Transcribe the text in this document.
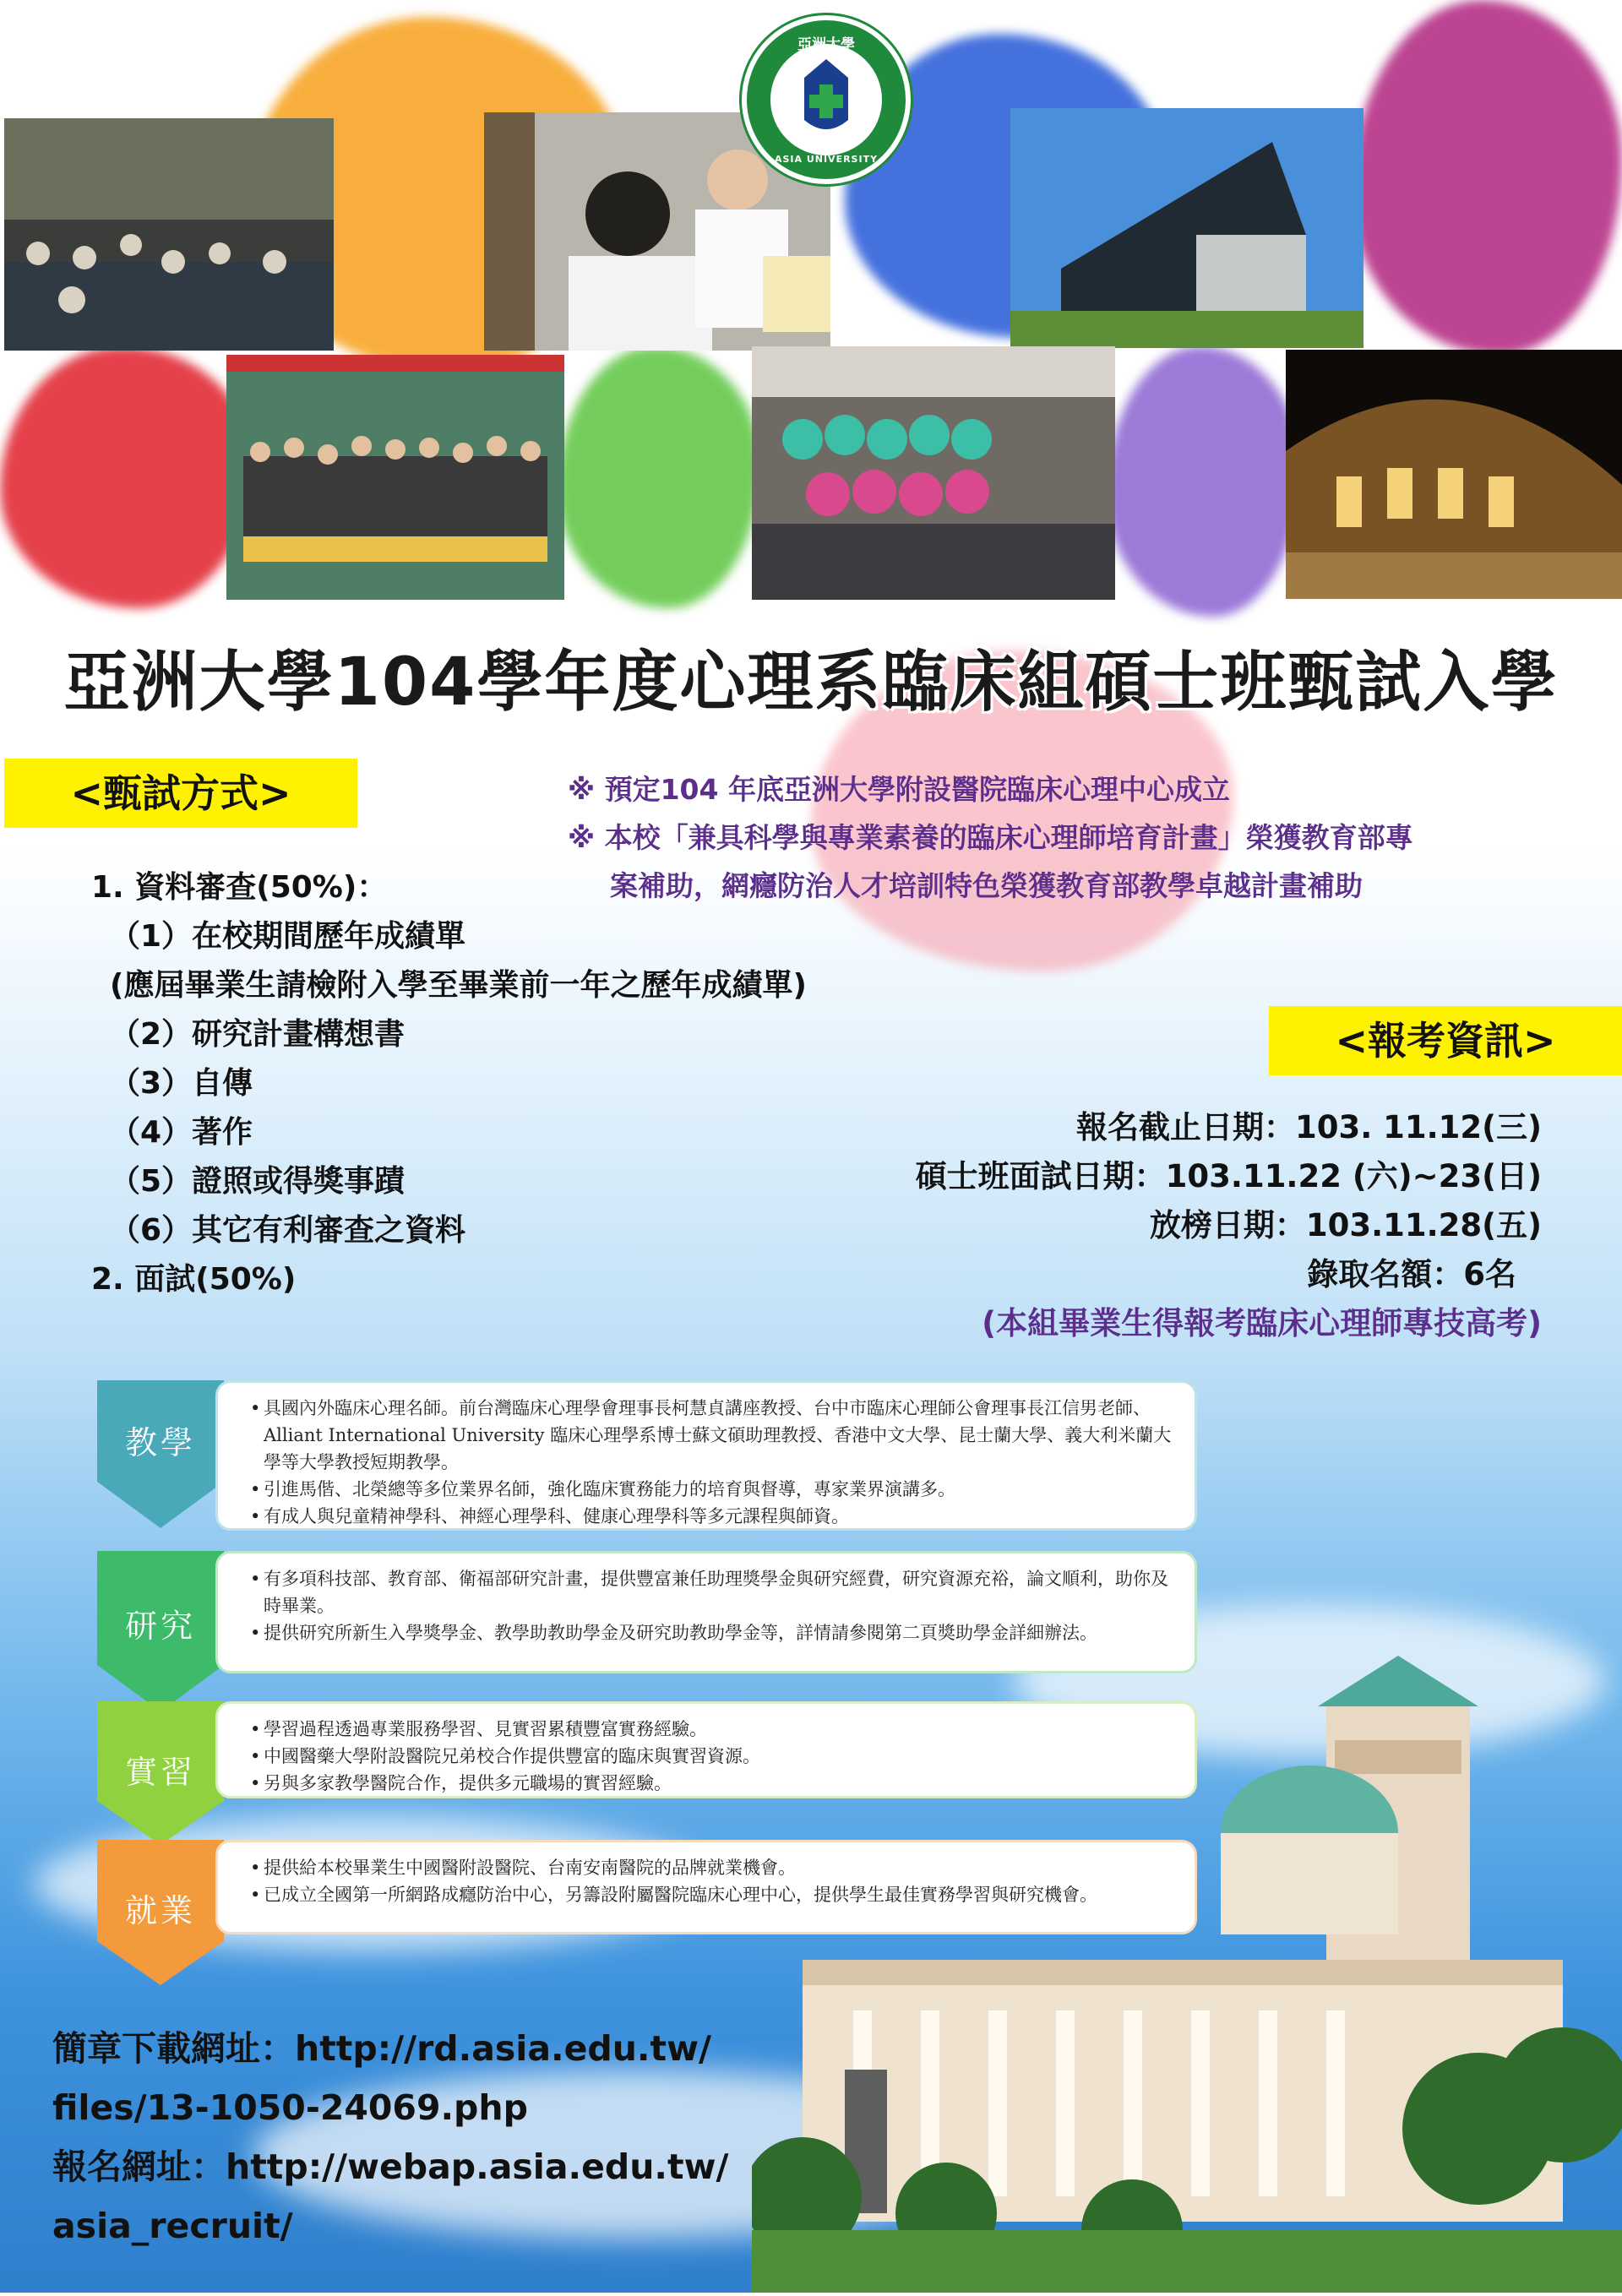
亞洲大學
ASIA UNIVERSITY
亞洲大學104學年度心理系臨床組碩士班甄試入學
<甄試方式>
1. 資料審查(50%)：
（1）在校期間歷年成績單
(應屆畢業生請檢附入學至畢業前一年之歷年成績單)
（2）研究計畫構想書
（3）自傳
（4）著作
（5）證照或得獎事蹟
（6）其它有利審查之資料
2. 面試(50%)
※ 預定104 年底亞洲大學附設醫院臨床心理中心成立
※ 本校「兼具科學與專業素養的臨床心理師培育計畫」榮獲教育部專
案補助，網癮防治人才培訓特色榮獲教育部教學卓越計畫補助
<報考資訊>
報名截止日期：103. 11.12(三)
碩士班面試日期：103.11.22 (六)~23(日)
放榜日期：103.11.28(五)
錄取名額：6名
(本組畢業生得報考臨床心理師專技高考)
教學
• 具國內外臨床心理名師。前台灣臨床心理學會理事長柯慧貞講座教授、台中市臨床心理師公會理事長江信男老師、Alliant International University 臨床心理學系博士蘇文碩助理教授、香港中文大學、昆士蘭大學、義大利米蘭大學等大學教授短期教學。
• 引進馬偕、北榮總等多位業界名師，強化臨床實務能力的培育與督導，專家業界演講多。
• 有成人與兒童精神學科、神經心理學科、健康心理學科等多元課程與師資。
研究
• 有多項科技部、教育部、衛福部研究計畫，提供豐富兼任助理獎學金與研究經費，研究資源充裕，論文順利，助你及時畢業。
• 提供研究所新生入學獎學金、教學助教助學金及研究助教助學金等，詳情請參閱第二頁獎助學金詳細辦法。
實習
• 學習過程透過專業服務學習、見實習累積豐富實務經驗。
• 中國醫藥大學附設醫院兄弟校合作提供豐富的臨床與實習資源。
• 另與多家教學醫院合作，提供多元職場的實習經驗。
就業
• 提供給本校畢業生中國醫附設醫院、台南安南醫院的品牌就業機會。
• 已成立全國第一所網路成癮防治中心，另籌設附屬醫院臨床心理中心，提供學生最佳實務學習與研究機會。
簡章下載網址：http://rd.asia.edu.tw/
files/13-1050-24069.php
報名網址：http://webap.asia.edu.tw/
asia_recruit/
